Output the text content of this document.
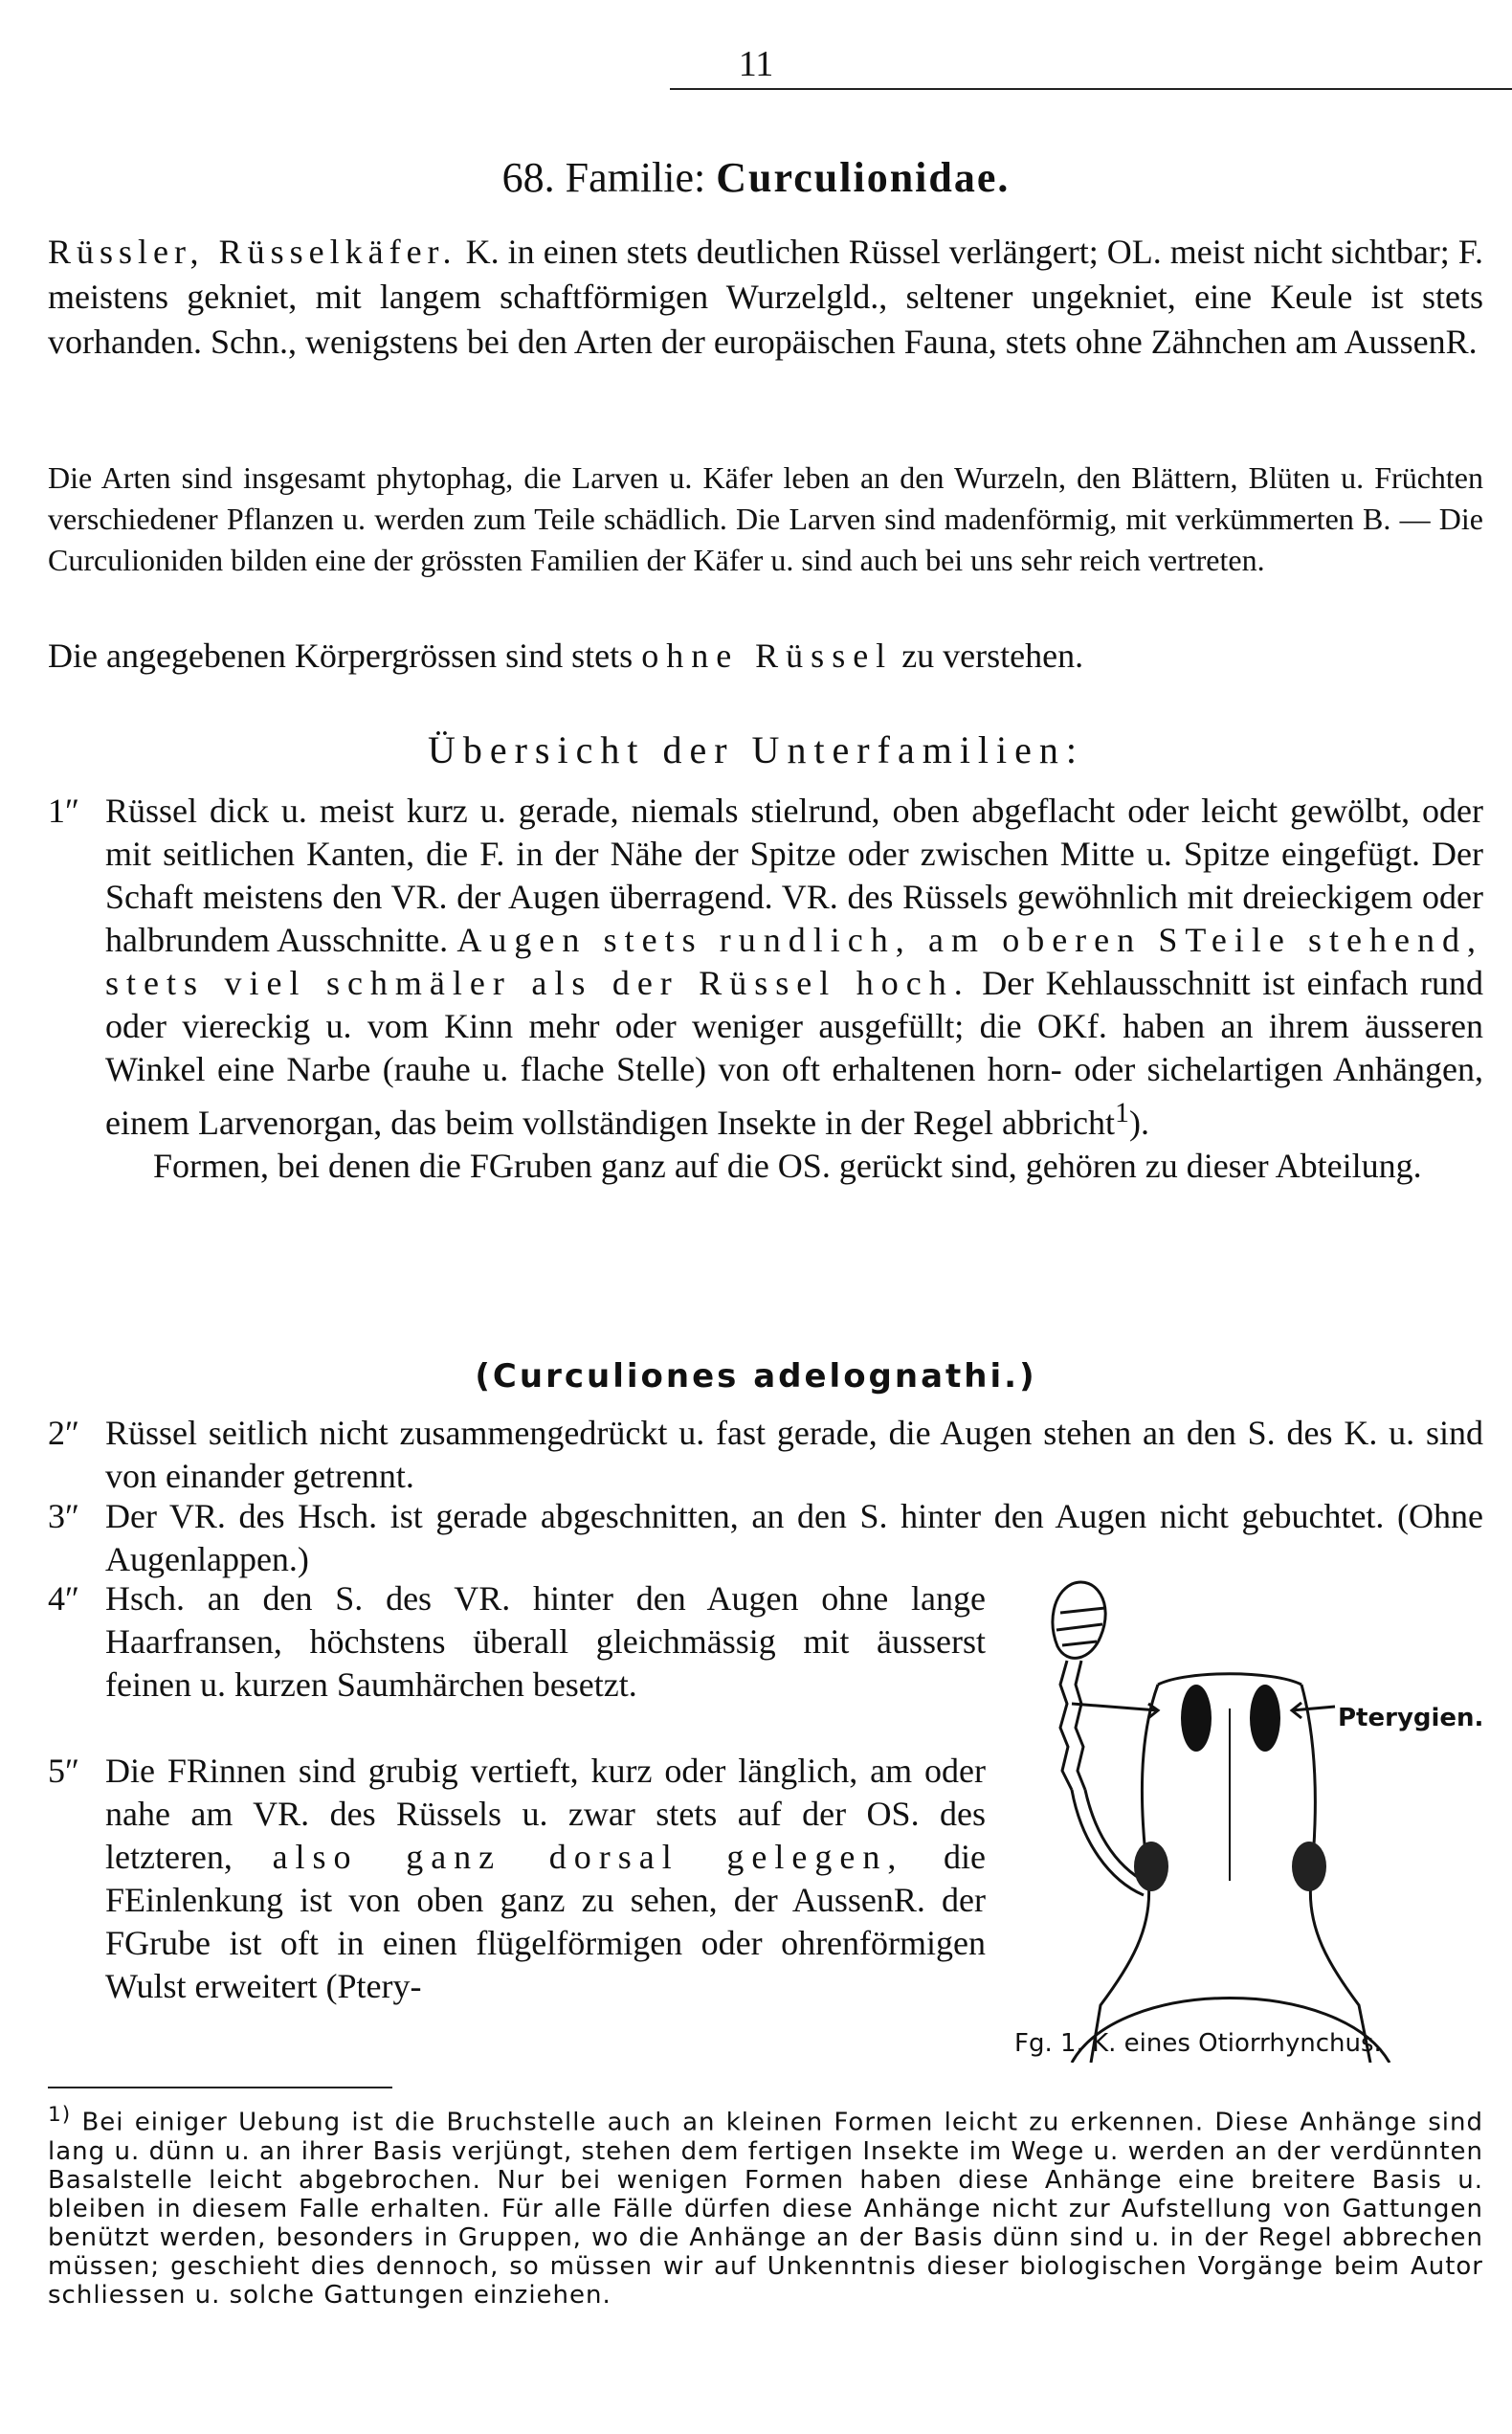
11
68. Familie: Curculionidae.

Rüssler, Rüsselkäfer. K. in einen stets deutlichen Rüssel verlängert; OL. meist nicht sichtbar; F. meistens gekniet, mit langem schaftförmigen Wurzelgld., seltener ungekniet, eine Keule ist stets vorhanden. Schn., wenigstens bei den Arten der europäischen Fauna, stets ohne Zähnchen am AussenR.

Die Arten sind insgesamt phytophag, die Larven u. Käfer leben an den Wurzeln, den Blättern, Blüten u. Früchten verschiedener Pflanzen u. werden zum Teile schädlich. Die Larven sind madenförmig, mit verkümmerten B. — Die Curculioniden bilden eine der grössten Familien der Käfer u. sind auch bei uns sehr reich vertreten.

Die angegebenen Körpergrössen sind stets ohne Rüssel zu verstehen.

Übersicht der Unterfamilien:
1″ Rüssel dick u. meist kurz u. gerade, niemals stielrund, oben abgeflacht oder leicht gewölbt, oder mit seitlichen Kanten, die F. in der Nähe der Spitze oder zwischen Mitte u. Spitze eingefügt. Der Schaft meistens den VR. der Augen überragend. VR. des Rüssels gewöhnlich mit dreieckigem oder halbrundem Ausschnitte. Augen stets rundlich, am oberen STeile stehend, stets viel schmäler als der Rüssel hoch. Der Kehlausschnitt ist einfach rund oder viereckig u. vom Kinn mehr oder weniger ausgefüllt; die OKf. haben an ihrem äusseren Winkel eine Narbe (rauhe u. flache Stelle) von oft erhaltenen horn- oder sichelartigen Anhängen, einem Larvenorgan, das beim vollständigen Insekte in der Regel abbricht$^1$).
Formen, bei denen die FGruben ganz auf die OS. gerückt sind, gehören zu dieser Abteilung.
(Curculiones adelognathi.)
2″ Rüssel seitlich nicht zusammengedrückt u. fast gerade, die Augen stehen an den S. des K. u. sind von einander getrennt.
3″ Der VR. des Hsch. ist gerade abgeschnitten, an den S. hinter den Augen nicht gebuchtet. (Ohne Augenlappen.)
4″ Hsch. an den S. des VR. hinter den Augen ohne lange Haarfransen, höchstens überall gleichmässig mit äusserst feinen u. kurzen Saumhärchen besetzt.
5″ Die FRinnen sind grubig vertieft, kurz oder länglich, am oder nahe am VR. des Rüssels u. zwar stets auf der OS. des letzteren, also ganz dorsal gelegen, die FEinlenkung ist von oben ganz zu sehen, der AussenR. der FGrube ist oft in einen flügelförmigen oder ohrenförmigen Wulst erweitert (Ptery-
Pterygien.
Fg. 1. K. eines Otiorrhynchus.
$^{1)}$ Bei einiger Uebung ist die Bruchstelle auch an kleinen Formen leicht zu erkennen. Diese Anhänge sind lang u. dünn u. an ihrer Basis verjüngt, stehen dem fertigen Insekte im Wege u. werden an der verdünnten Basalstelle leicht abgebrochen. Nur bei wenigen Formen haben diese Anhänge eine breitere Basis u. bleiben in diesem Falle erhalten. Für alle Fälle dürfen diese Anhänge nicht zur Aufstellung von Gattungen benützt werden, besonders in Gruppen, wo die Anhänge an der Basis dünn sind u. in der Regel abbrechen müssen; geschieht dies dennoch, so müssen wir auf Unkenntnis dieser biologischen Vorgänge beim Autor schliessen u. solche Gattungen einziehen.
